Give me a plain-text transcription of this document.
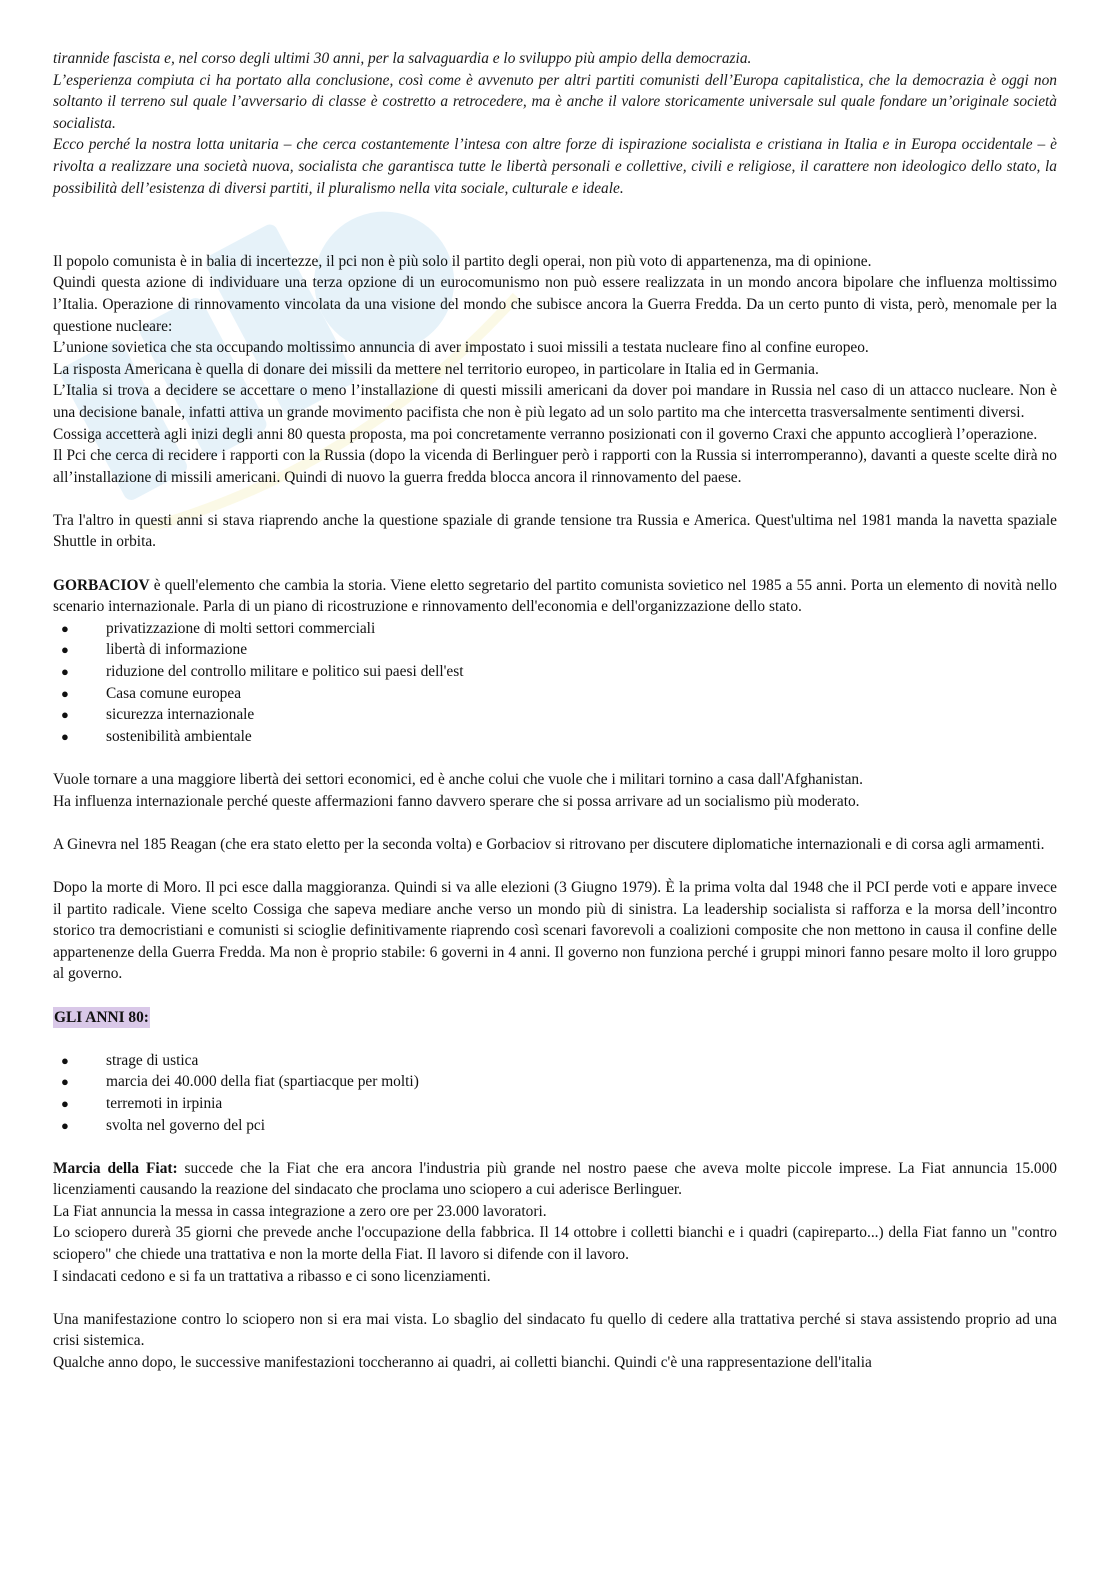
tirannide fascista e, nel corso degli ultimi 30 anni, per la salvaguardia e lo sviluppo più ampio della democrazia.

L’esperienza compiuta ci ha portato alla conclusione, così come è avvenuto per altri partiti comunisti dell’Europa capitalistica, che la democrazia è oggi non soltanto il terreno sul quale l’avversario di classe è costretto a retrocedere, ma è anche il valore storicamente universale sul quale fondare un’originale società socialista.

Ecco perché la nostra lotta unitaria – che cerca costantemente l’intesa con altre forze di ispirazione socialista e cristiana in Italia e in Europa occidentale – è rivolta a realizzare una società nuova, socialista che garantisca tutte le libertà personali e collettive, civili e religiose, il carattere non ideologico dello stato, la possibilità dell’esistenza di diversi partiti, il pluralismo nella vita sociale, culturale e ideale.

Il popolo comunista è in balia di incertezze, il pci non è più solo il partito degli operai, non più voto di appartenenza, ma di opinione.

Quindi questa azione di individuare una terza opzione di un eurocomunismo non può essere realizzata in un mondo ancora bipolare che influenza moltissimo l’Italia. Operazione di rinnovamento vincolata da una visione del mondo che subisce ancora la Guerra Fredda. Da un certo punto di vista, però, menomale per la questione nucleare:

L’unione sovietica che sta occupando moltissimo annuncia di aver impostato i suoi missili a testata nucleare fino al confine europeo.

La risposta Americana è quella di donare dei missili da mettere nel territorio europeo, in particolare in Italia ed in Germania.

L’Italia si trova a decidere se accettare o meno l’installazione di questi missili americani da dover poi mandare in Russia nel caso di un attacco nucleare. Non è una decisione banale, infatti attiva un grande movimento pacifista che non è più legato ad un solo partito ma che intercetta trasversalmente sentimenti diversi.

Cossiga accetterà agli inizi degli anni 80 questa proposta, ma poi concretamente verranno posizionati con il governo Craxi che appunto accoglierà l’operazione.

Il Pci che cerca di recidere i rapporti con la Russia (dopo la vicenda di Berlinguer però i rapporti con la Russia si interromperanno), davanti a queste scelte dirà no all’installazione di missili americani. Quindi di nuovo la guerra fredda blocca ancora il rinnovamento del paese.

Tra l'altro in questi anni si stava riaprendo anche la questione spaziale di grande tensione tra Russia e America. Quest'ultima nel 1981 manda la navetta spaziale Shuttle in orbita.

GORBACIOV è quell'elemento che cambia la storia. Viene eletto segretario del partito comunista sovietico nel 1985 a 55 anni. Porta un elemento di novità nello scenario internazionale. Parla di un piano di ricostruzione e rinnovamento dell'economia e dell'organizzazione dello stato.

● privatizzazione di molti settori commerciali
● libertà di informazione
● riduzione del controllo militare e politico sui paesi dell'est
● Casa comune europea
● sicurezza internazionale
● sostenibilità ambientale

Vuole tornare a una maggiore libertà dei settori economici, ed è anche colui che vuole che i militari tornino a casa dall'Afghanistan.

Ha influenza internazionale perché queste affermazioni fanno davvero sperare che si possa arrivare ad un socialismo più moderato.

A Ginevra nel 185 Reagan (che era stato eletto per la seconda volta) e Gorbaciov si ritrovano per discutere diplomatiche internazionali e di corsa agli armamenti.

Dopo la morte di Moro. Il pci esce dalla maggioranza. Quindi si va alle elezioni (3 Giugno 1979). È la prima volta dal 1948 che il PCI perde voti e appare invece il partito radicale. Viene scelto Cossiga che sapeva mediare anche verso un mondo più di sinistra. La leadership socialista si rafforza e la morsa dell’incontro storico tra democristiani e comunisti si scioglie definitivamente riaprendo così scenari favorevoli a coalizioni composite che non mettono in causa il confine delle appartenenze della Guerra Fredda. Ma non è proprio stabile: 6 governi in 4 anni. Il governo non funziona perché i gruppi minori fanno pesare molto il loro gruppo al governo.

GLI ANNI 80:

● strage di ustica
● marcia dei 40.000 della fiat (spartiacque per molti)
● terremoti in irpinia
● svolta nel governo del pci

Marcia della Fiat: succede che la Fiat che era ancora l'industria più grande nel nostro paese che aveva molte piccole imprese. La Fiat annuncia 15.000 licenziamenti causando la reazione del sindacato che proclama uno sciopero a cui aderisce Berlinguer.

La Fiat annuncia la messa in cassa integrazione a zero ore per 23.000 lavoratori.

Lo sciopero durerà 35 giorni che prevede anche l'occupazione della fabbrica. Il 14 ottobre i colletti bianchi e i quadri (capireparto...) della Fiat fanno un "contro sciopero" che chiede una trattativa e non la morte della Fiat. Il lavoro si difende con il lavoro.

I sindacati cedono e si fa un trattativa a ribasso e ci sono licenziamenti.

Una manifestazione contro lo sciopero non si era mai vista. Lo sbaglio del sindacato fu quello di cedere alla trattativa perché si stava assistendo proprio ad una crisi sistemica.

Qualche anno dopo, le successive manifestazioni toccheranno ai quadri, ai colletti bianchi. Quindi c'è una rappresentazione dell'italia
